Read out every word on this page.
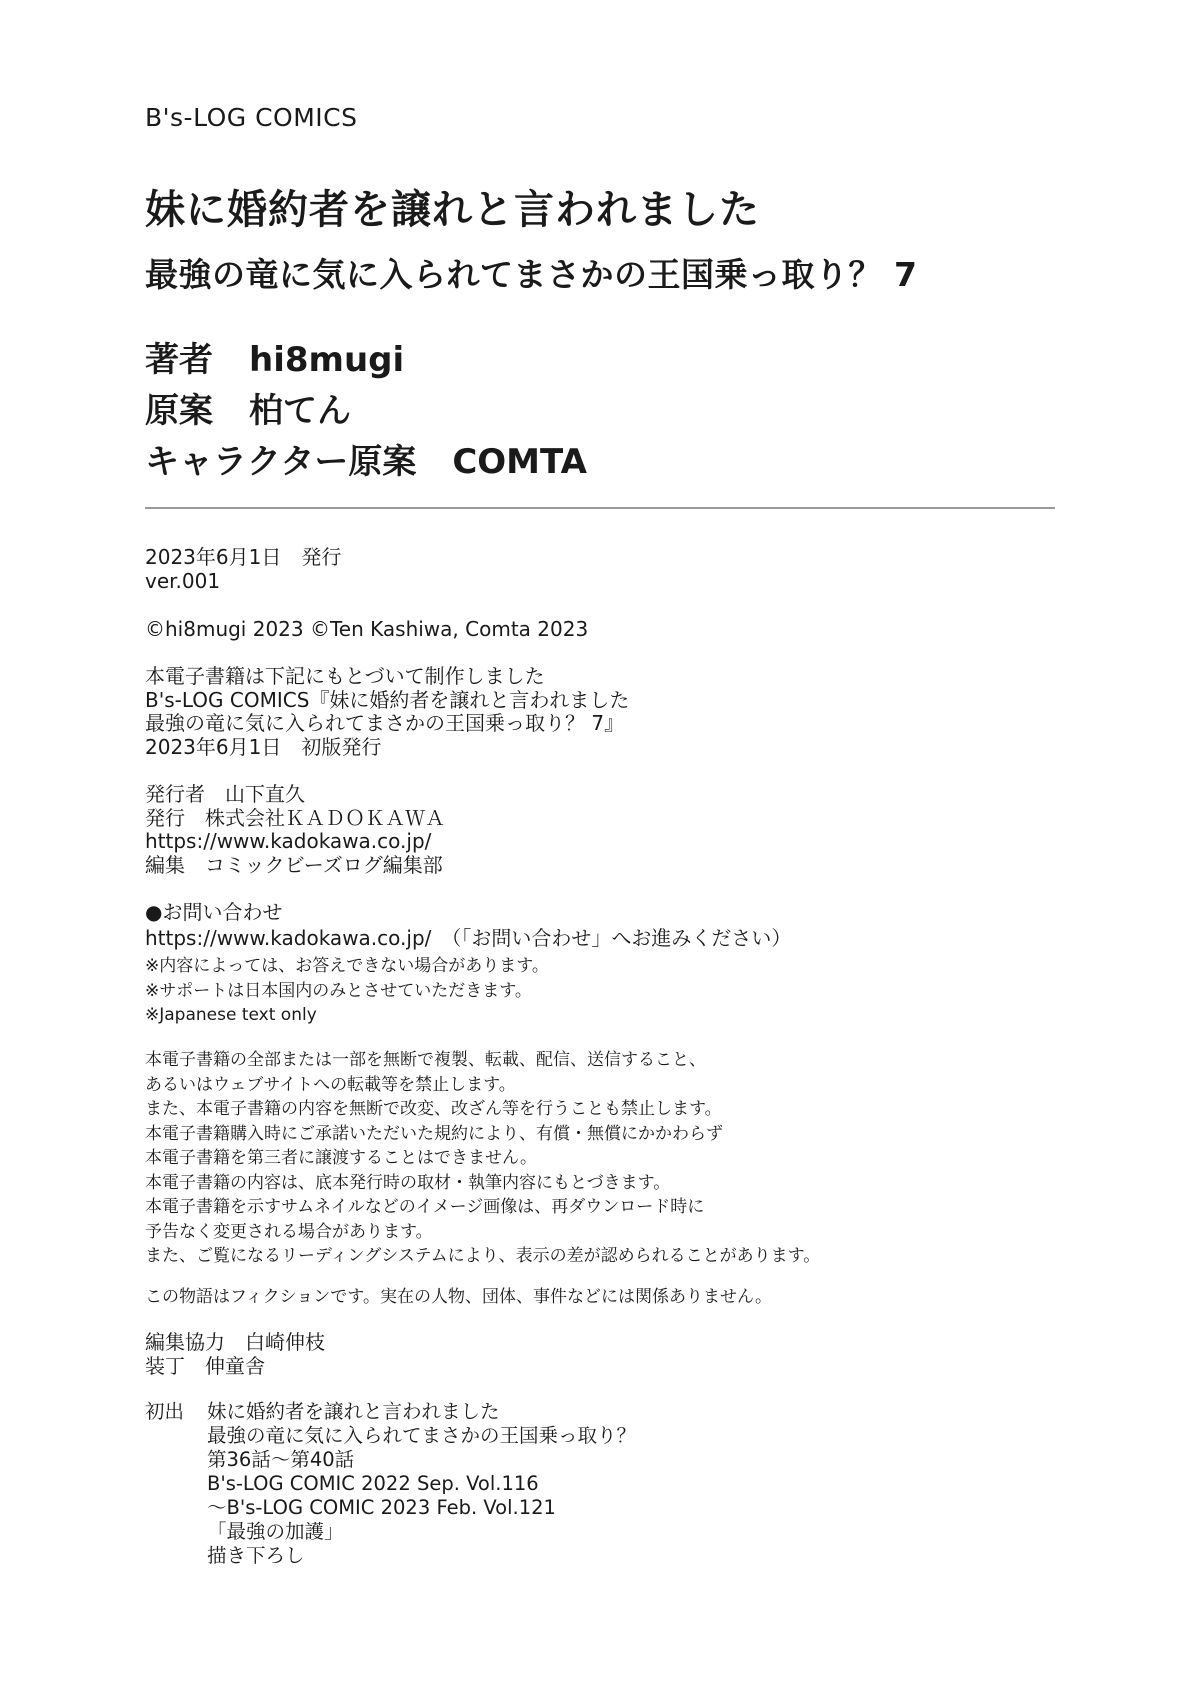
B's-LOG COMICS
妹に婚約者を譲れと言われました
最強の竜に気に入られてまさかの王国乗っ取り？ 7
著者 hi8mugi
原案 柏てん
キャラクター原案 COMTA
2023年6月1日　発行
ver.001
©hi8mugi 2023 ©Ten Kashiwa, Comta 2023
本電子書籍は下記にもとづいて制作しました
B's-LOG COMICS『妹に婚約者を譲れと言われました
最強の竜に気に入られてまさかの王国乗っ取り？ 7』
2023年6月1日　初版発行
発行者　山下直久
発行　株式会社ＫＡＤＯＫＡＷＡ
https://www.kadokawa.co.jp/
編集　コミックビーズログ編集部
●お問い合わせ
https://www.kadokawa.co.jp/　（「お問い合わせ」へお進みください）
※内容によっては、お答えできない場合があります。
※サポートは日本国内のみとさせていただきます。
※Japanese text only
本電子書籍の全部または一部を無断で複製、転載、配信、送信すること、
あるいはウェブサイトへの転載等を禁止します。
また、本電子書籍の内容を無断で改変、改ざん等を行うことも禁止します。
本電子書籍購入時にご承諾いただいた規約により、有償・無償にかかわらず
本電子書籍を第三者に譲渡することはできません。
本電子書籍の内容は、底本発行時の取材・執筆内容にもとづきます。
本電子書籍を示すサムネイルなどのイメージ画像は、再ダウンロード時に
予告なく変更される場合があります。
また、ご覧になるリーディングシステムにより、表示の差が認められることがあります。
この物語はフィクションです。実在の人物、団体、事件などには関係ありません。
編集協力　白崎伸枝
装丁　伸童舎
初出 妹に婚約者を譲れと言われました
最強の竜に気に入られてまさかの王国乗っ取り？
第36話～第40話
B's-LOG COMIC 2022 Sep. Vol.116
～B's-LOG COMIC 2023 Feb. Vol.121
「最強の加護」
描き下ろし
